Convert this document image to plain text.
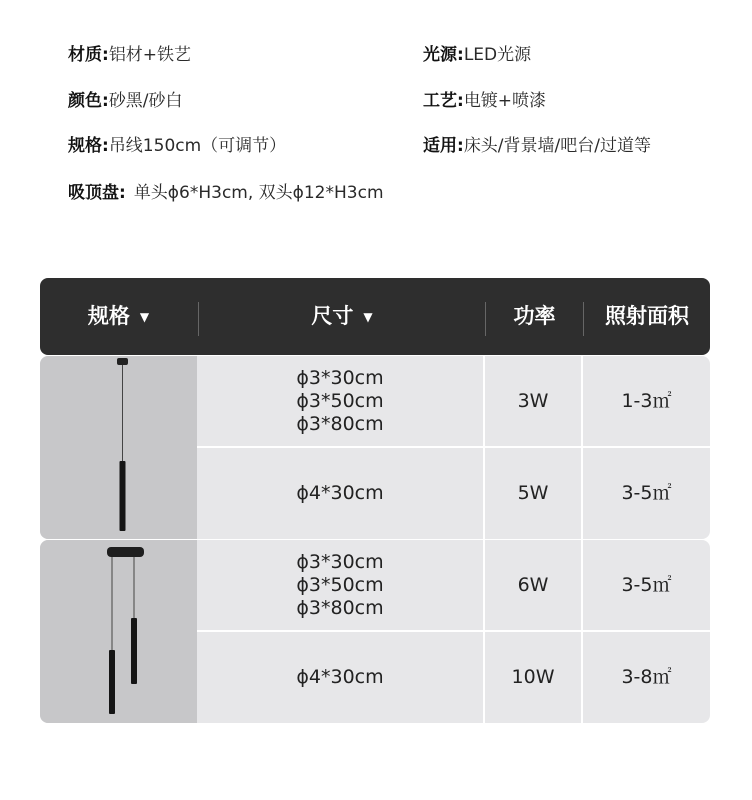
材质:铝材+铁艺	光源:LED光源
颜色:砂黑/砂白	工艺:电镀+喷漆
规格:吊线150cm（可调节）	适用:床头/背景墙/吧台/过道等
吸顶盘: 单头ϕ6*H3cm, 双头ϕ12*H3cm
规格 ▼	尺寸 ▼	功率	照射面积
ϕ3*30cm
ϕ3*50cm
ϕ3*80cm
3W	1-3㎡
ϕ4*30cm	5W	3-5㎡
ϕ3*30cm
ϕ3*50cm
ϕ3*80cm
6W	3-5㎡
ϕ4*30cm	10W	3-8㎡
